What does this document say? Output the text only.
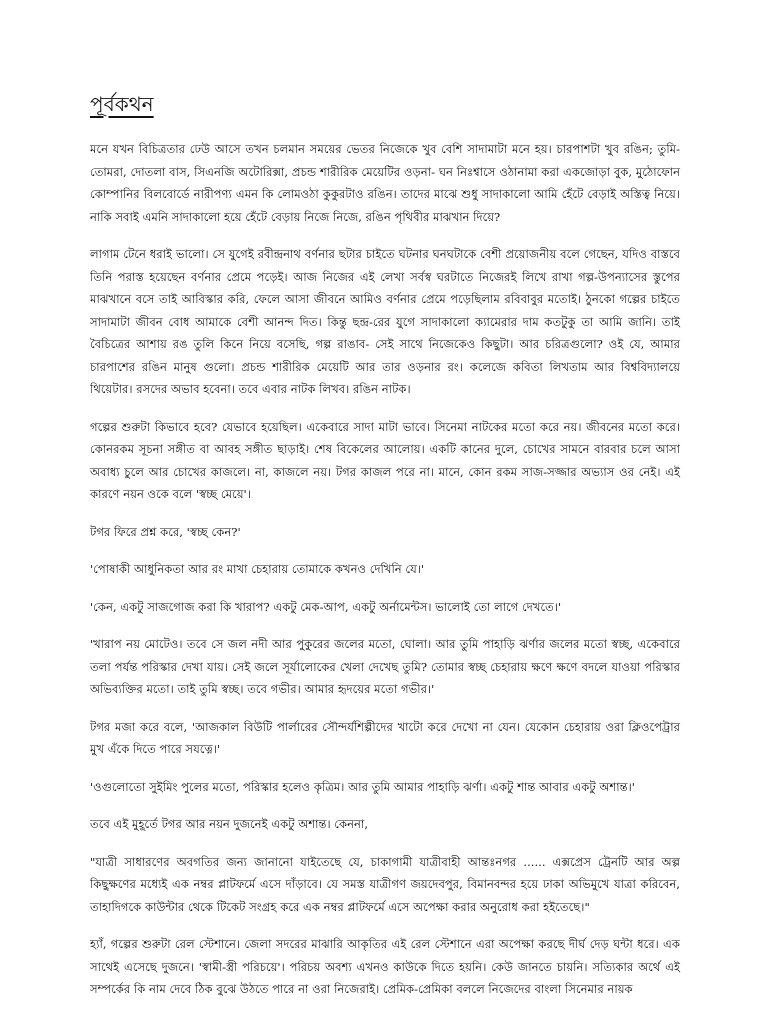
পূর্বকথন

মনে যখন বিচিত্রতার ঢেউ আসে তখন চলমান সময়ের ভেতর নিজেকে খুব বেশি সাদামাটা মনে হয়। চারপাশটা খুব রঙিন; তুমি-তোমরা, দোতলা বাস, সিএনজি অটোরিক্সা, প্রচন্ড শারীরিক মেয়েটির ওড়না- ঘন নিঃশ্বাসে ওঠানামা করা একজোড়া বুক, মুঠোফোন কোম্পানির বিলবোর্ডে নারীপণ্য এমন কি লোমওঠা কুকুরটাও রঙিন। তাদের মাঝে শুধু সাদাকালো আমি হেঁটে বেড়াই অস্তিত্ব নিয়ে। নাকি সবাই এমনি সাদাকালো হয়ে হেঁটে বেড়ায় নিজে নিজে, রঙিন পৃথিবীর মাঝখান দিয়ে?

লাগাম টেনে ধরাই ভালো। সে যুগেই রবীন্দ্রনাথ বর্ণনার ছটার চাইতে ঘটনার ঘনঘটাকে বেশী প্রয়োজনীয় বলে গেছেন, যদিও বাস্তবে তিনি পরাস্ত হয়েছেন বর্ণনার প্রেমে পড়েই। আজ নিজের এই লেখা সর্বস্ব ঘরটাতে নিজেরই লিখে রাখা গল্প-উপন্যাসের স্তুপের মাঝখানে বসে তাই আবিস্কার করি, ফেলে আসা জীবনে আমিও বর্ণনার প্রেমে পড়েছিলাম রবিবাবুর মতোই। ঠুনকো গল্পের চাইতে সাদামাটা জীবন বোধ আমাকে বেশী আনন্দ দিত। কিন্তু ছন্দ্র-রের যুগে সাদাকালো ক্যামেরার দাম কতটুকু তা আমি জানি। তাই বৈচিত্রের আশায় রঙ তুলি কিনে নিয়ে বসেছি, গল্প রাঙাব- সেই সাথে নিজেকেও কিছুটা। আর চরিত্রগুলো? ওই যে, আমার চারপাশের রঙিন মানুষ গুলো। প্রচন্ড শারীরিক মেয়েটি আর তার ওড়নার রং। কলেজে কবিতা লিখতাম আর বিশ্ববিদ্যালয়ে থিয়েটার। রসদের অভাব হবেনা। তবে এবার নাটক লিখব। রঙিন নাটক।

গল্পের শুরুটা কিভাবে হবে? যেভাবে হয়েছিল। একেবারে সাদা মাটা ভাবে। সিনেমা নাটকের মতো করে নয়। জীবনের মতো করে। কোনরকম সূচনা সঙ্গীত বা আবহ সঙ্গীত ছাড়াই। শেষ বিকেলের আলোয়। একটি কানের দুলে, চোখের সামনে বারবার চলে আসা অবাধ্য চুলে আর চোখের কাজলে। না, কাজলে নয়। টগর কাজল পরে না। মানে, কোন রকম সাজ-সজ্জার অভ্যাস ওর নেই। এই কারণে নয়ন ওকে বলে 'স্বচ্ছ মেয়ে'।

টগর ফিরে প্রশ্ন করে, 'স্বচ্ছ কেন?'

'পোষাকী আধুনিকতা আর রং মাখা চেহারায় তোমাকে কখনও দেখিনি যে।'

'কেন, একটু সাজগোজ করা কি খারাপ? একটু মেক-আপ, একটু অর্নামেন্টস। ভালোই তো লাগে দেখতে।'

'খারাপ নয় মোটেও। তবে সে জল নদী আর পুকুরের জলের মতো, ঘোলা। আর তুমি পাহাড়ি ঝর্ণার জলের মতো স্বচ্ছ, একেবারে তলা পর্যন্ত পরিস্কার দেখা যায়। সেই জলে সূর্যালোকের খেলা দেখেছ তুমি? তোমার স্বচ্ছ চেহারায় ক্ষণে ক্ষণে বদলে যাওয়া পরিস্কার অভিব্যক্তির মতো। তাই তুমি স্বচ্ছ। তবে গভীর। আমার হৃদয়ের মতো গভীর।'

টগর মজা করে বলে, 'আজকাল বিউটি পার্লারের সৌন্দর্যশিল্পীদের খাটো করে দেখো না যেন। যেকোন চেহারায় ওরা ক্লিওপেট্রার মুখ এঁকে দিতে পারে সযত্নে।'

'ওগুলোতো সুইমিং পুলের মতো, পরিস্কার হলেও কৃত্রিম। আর তুমি আমার পাহাড়ি ঝর্ণা। একটু শান্ত আবার একটু অশান্ত।'

তবে এই মুহূর্তে টগর আর নয়ন দুজনেই একটু অশান্ত। কেননা,

"যাত্রী সাধারণের অবগতির জন্য জানানো যাইতেছে যে, চাকাগামী যাত্রীবাহী আন্তঃনগর ...... এক্সপ্রেস ট্রেনটি আর অল্প কিছুক্ষণের মধ্যেই এক নম্বর প্লাটফর্মে এসে দাঁড়াবে। যে সমস্ত যাত্রীগণ জয়দেবপুর, বিমানবন্দর হয়ে ঢাকা অভিমুখে যাত্রা করিবেন, তাহাদিগকে কাউন্টার থেকে টিকেট সংগ্রহ করে এক নম্বর প্লাটফর্মে এসে অপেক্ষা করার অনুরোধ করা হইতেছে।"

হ্যাঁ, গল্পের শুরুটা রেল স্টেশানে। জেলা সদরের মাঝারি আকৃতির এই রেল স্টেশানে এরা অপেক্ষা করছে দীর্ঘ দেড় ঘন্টা ধরে। এক সাথেই এসেছে দুজনে। 'স্বামী-স্ত্রী পরিচয়ে'। পরিচয় অবশ্য এখনও কাউকে দিতে হয়নি। কেউ জানতে চায়নি। সত্যিকার অর্থে এই সম্পর্কের কি নাম দেবে ঠিক বুঝে উঠতে পারে না ওরা নিজেরাই। প্রেমিক-প্রেমিকা বললে নিজেদের বাংলা সিনেমার নায়ক
